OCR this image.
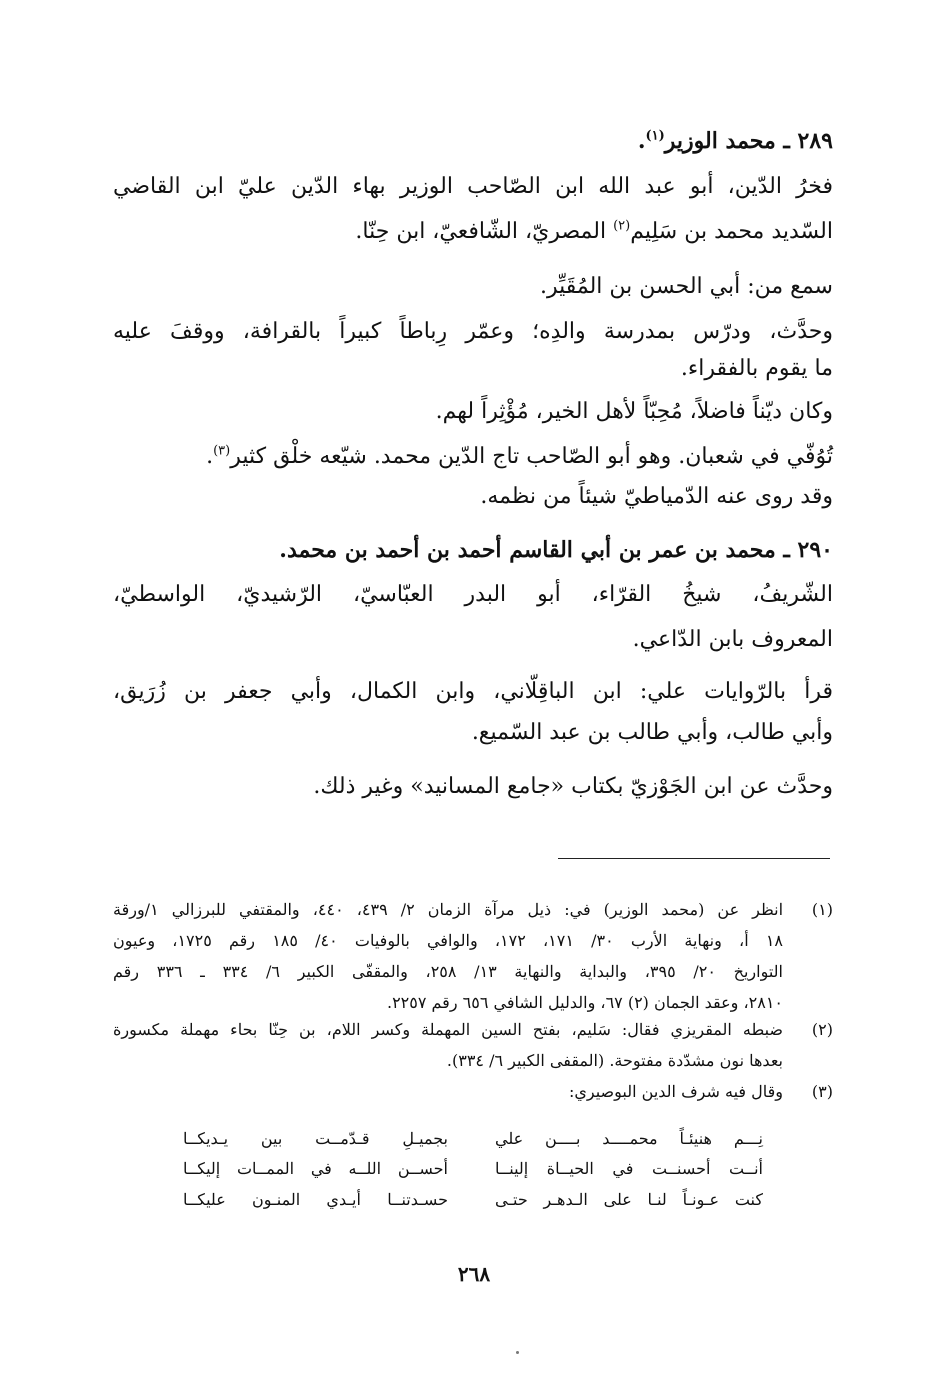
٢٨٩ ـ محمد الوزير$^{(١)}$.
فخرُ الدّين، أبو عبد الله ابن الصّاحب الوزير بهاء الدّين عليّ ابن القاضي
السّديد محمد بن سَلِيم$^{(٢)}$ المصريّ، الشّافعيّ، ابن حِنّا.
سمع من: أبي الحسن بن المُقَيِّر.
وحدَّث، ودرّس بمدرسة والدِه؛ وعمّر رِباطاً كبيراً بالقرافة، ووقفَ عليه
ما يقوم بالفقراء.
وكان ديّناً فاضلاً، مُحِبّاً لأهل الخير، مُؤْثِراً لهم.
تُوُفّي في شعبان. وهو أبو الصّاحب تاج الدّين محمد. شيّعه خلْق كثير$^{(٣)}$.
وقد روى عنه الدّمياطيّ شيئاً من نظمه.
٢٩٠ ـ محمد بن عمر بن أبي القاسم أحمد بن أحمد بن محمد.
الشّريفُ، شيخُ القرّاء، أبو البدر العبّاسيّ، الرّشيديّ، الواسطيّ،
المعروف بابن الدّاعي.
قرأ بالرّوايات علي: ابن الباقِلّاني، وابن الكمال، وأبي جعفر بن زُرَيق،
وأبي طالب، وأبي طالب بن عبد السّميع.
وحدَّث عن ابن الجَوْزيّ بكتاب «جامع المسانيد» وغير ذلك.
(١)
انظر عن (محمد الوزير) في: ذيل مرآة الزمان ٢/ ٤٣٩، ٤٤٠، والمقتفي للبرزالي ١/ورقة
١٨ أ، ونهاية الأرب ٣٠/ ١٧١، ١٧٢، والوافي بالوفيات ٤٠/ ١٨٥ رقم ١٧٢٥، وعيون
التواريخ ٢٠/ ٣٩٥، والبداية والنهاية ١٣/ ٢٥٨، والمقفّى الكبير ٦/ ٣٣٤ ـ ٣٣٦ رقم
٢٨١٠، وعقد الجمان (٢) ٦٧، والدليل الشافي ٦٥٦ رقم ٢٢٥٧.
(٢)
ضبطه المقريزي فقال: سَليم، بفتح السين المهملة وكسر اللام، بن حِنّا بحاء مهملة مكسورة
بعدها نون مشدّدة مفتوحة. (المقفى الكبير ٦/ ٣٣٤).
(٣)
وقال فيه شرف الدين البوصيري:
نِـــم هنيئـاً محمــــد بــــن علي
بجميـلِ قـدّمــت بين يـديكــا
أنــت أحسنــت في الحيــاة إلينــا
أحســن اللــه في الممــات إليكــا
كنت عـونـاً لنـا على الـدهـر حتـى
حسـدتنــا أيـدي المنـون عليكــا
٢٦٨
